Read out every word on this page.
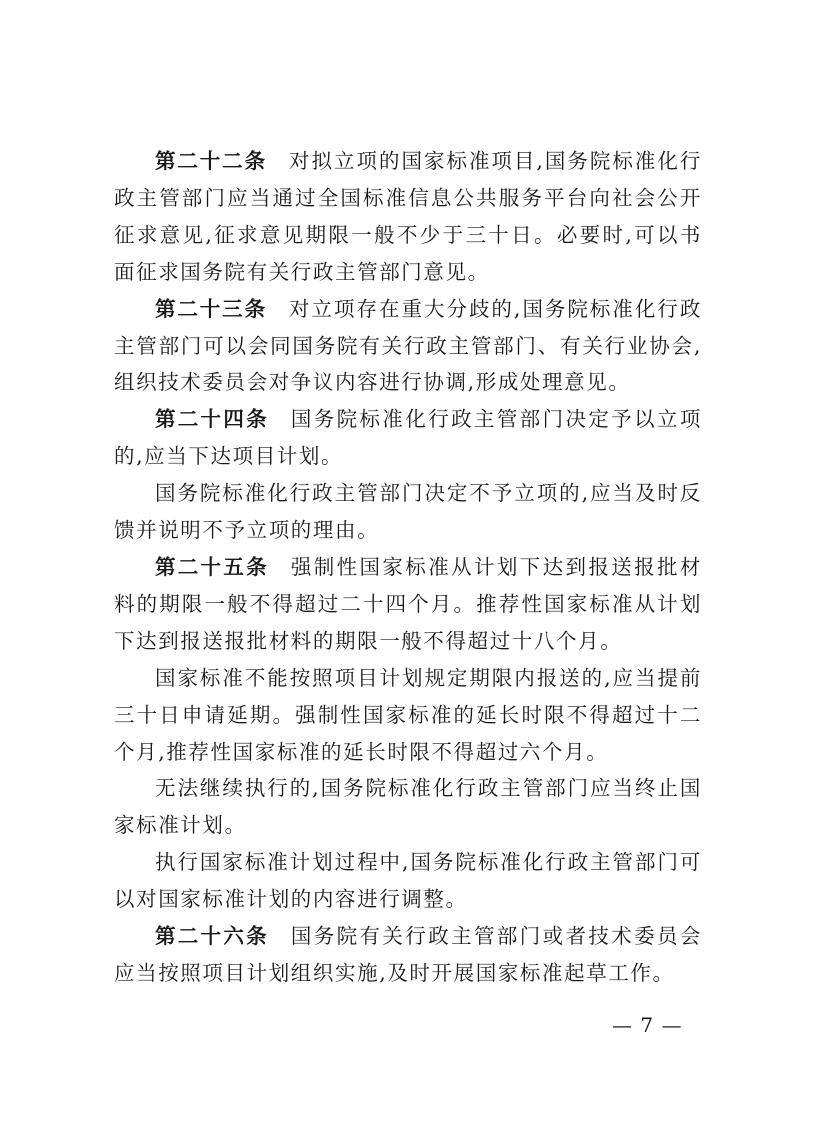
第二十二条 对拟立项的国家标准项目,国务院标准化行政主管部门应当通过全国标准信息公共服务平台向社会公开征求意见,征求意见期限一般不少于三十日。必要时,可以书面征求国务院有关行政主管部门意见。

第二十三条 对立项存在重大分歧的,国务院标准化行政主管部门可以会同国务院有关行政主管部门、有关行业协会,组织技术委员会对争议内容进行协调,形成处理意见。

第二十四条 国务院标准化行政主管部门决定予以立项的,应当下达项目计划。

国务院标准化行政主管部门决定不予立项的,应当及时反馈并说明不予立项的理由。

第二十五条 强制性国家标准从计划下达到报送报批材料的期限一般不得超过二十四个月。推荐性国家标准从计划下达到报送报批材料的期限一般不得超过十八个月。

国家标准不能按照项目计划规定期限内报送的,应当提前三十日申请延期。强制性国家标准的延长时限不得超过十二个月,推荐性国家标准的延长时限不得超过六个月。

无法继续执行的,国务院标准化行政主管部门应当终止国家标准计划。

执行国家标准计划过程中,国务院标准化行政主管部门可以对国家标准计划的内容进行调整。

第二十六条 国务院有关行政主管部门或者技术委员会应当按照项目计划组织实施,及时开展国家标准起草工作。

— 7 —
